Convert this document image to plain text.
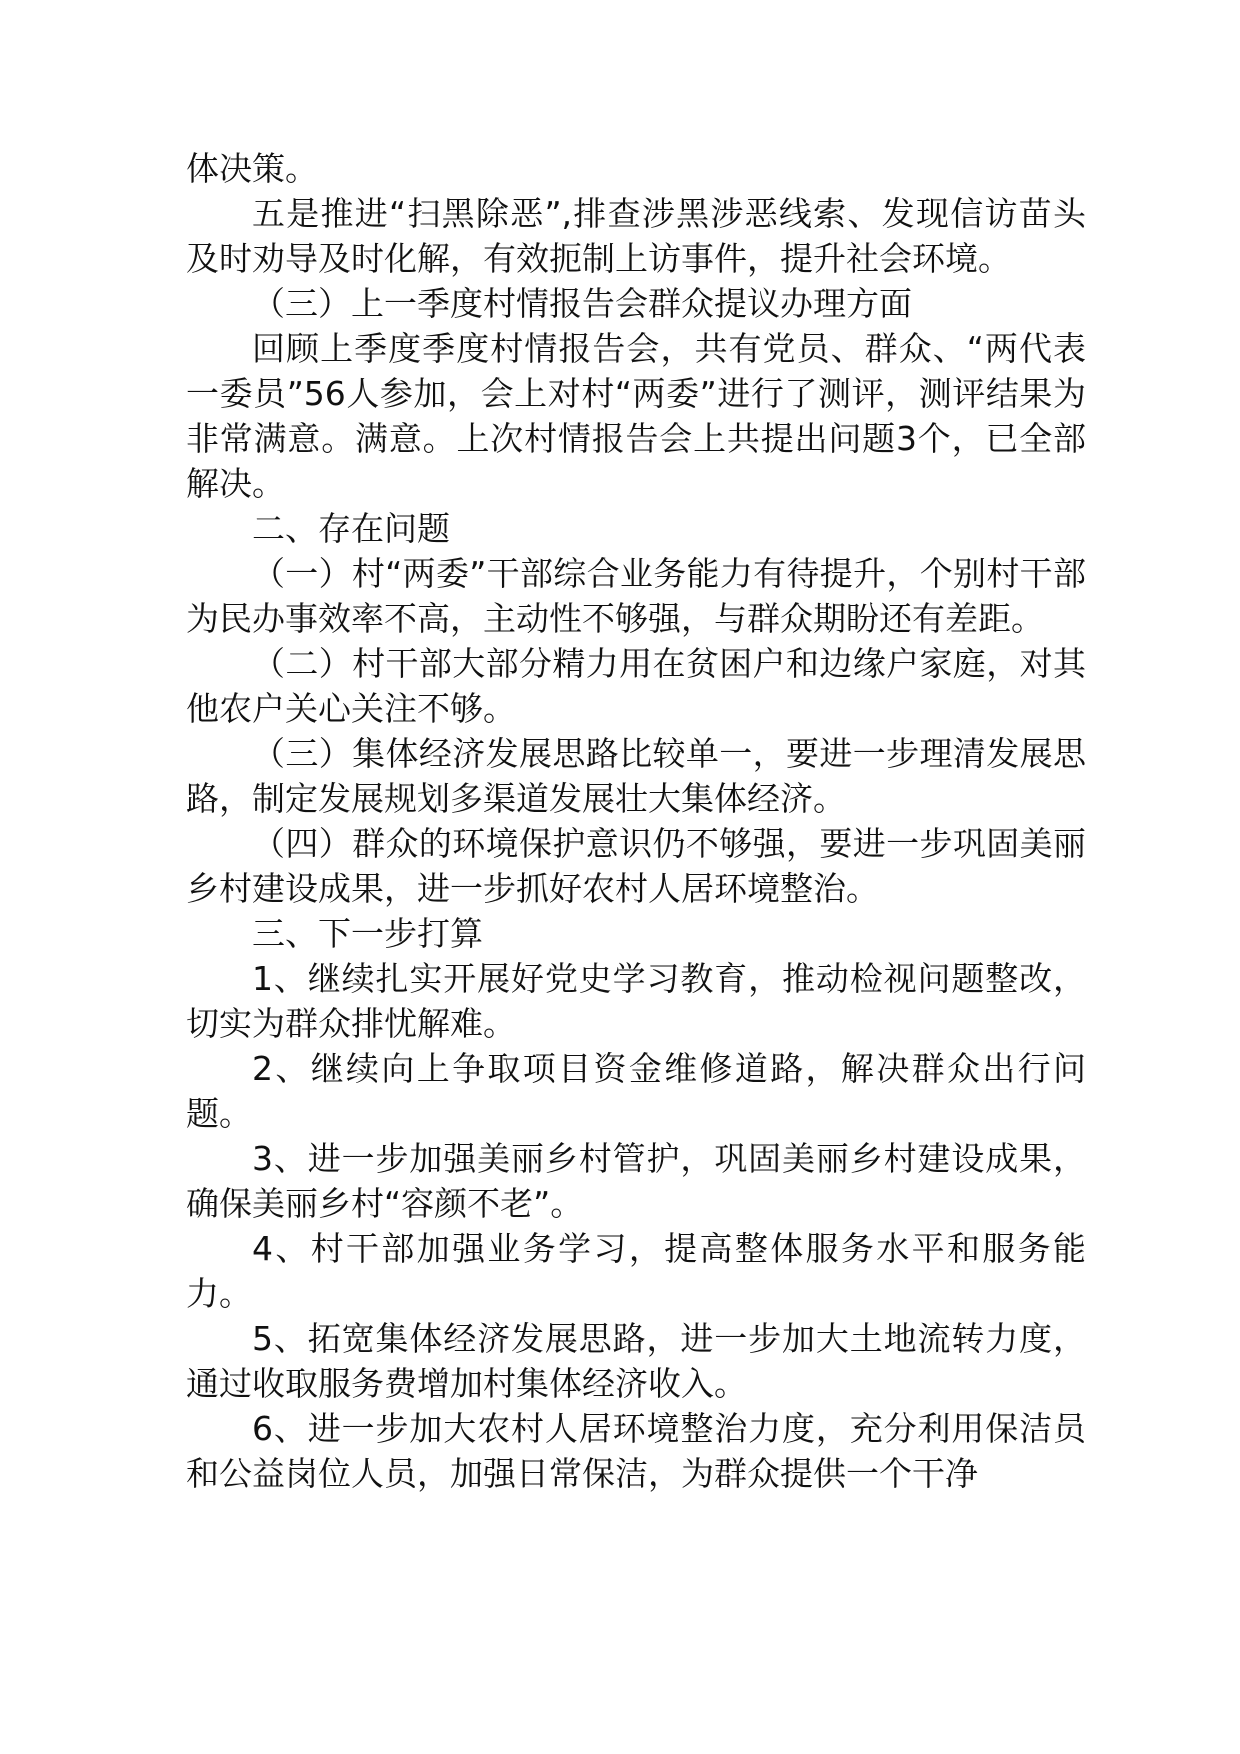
体决策。

五是推进“扫黑除恶”,排查涉黑涉恶线索、发现信访苗头及时劝导及时化解，有效扼制上访事件，提升社会环境。

（三）上一季度村情报告会群众提议办理方面

回顾上季度季度村情报告会，共有党员、群众、“两代表一委员”56人参加，会上对村“两委”进行了测评，测评结果为非常满意。满意。上次村情报告会上共提出问题3个，已全部解决。

二、存在问题

（一）村“两委”干部综合业务能力有待提升，个别村干部为民办事效率不高，主动性不够强，与群众期盼还有差距。

（二）村干部大部分精力用在贫困户和边缘户家庭，对其他农户关心关注不够。

（三）集体经济发展思路比较单一，要进一步理清发展思路，制定发展规划多渠道发展壮大集体经济。

（四）群众的环境保护意识仍不够强，要进一步巩固美丽乡村建设成果，进一步抓好农村人居环境整治。

三、下一步打算

1、继续扎实开展好党史学习教育，推动检视问题整改，切实为群众排忧解难。

2、继续向上争取项目资金维修道路，解决群众出行问题。

3、进一步加强美丽乡村管护，巩固美丽乡村建设成果，确保美丽乡村“容颜不老”。

4、村干部加强业务学习，提高整体服务水平和服务能力。

5、拓宽集体经济发展思路，进一步加大土地流转力度，通过收取服务费增加村集体经济收入。

6、进一步加大农村人居环境整治力度，充分利用保洁员和公益岗位人员，加强日常保洁，为群众提供一个干净
